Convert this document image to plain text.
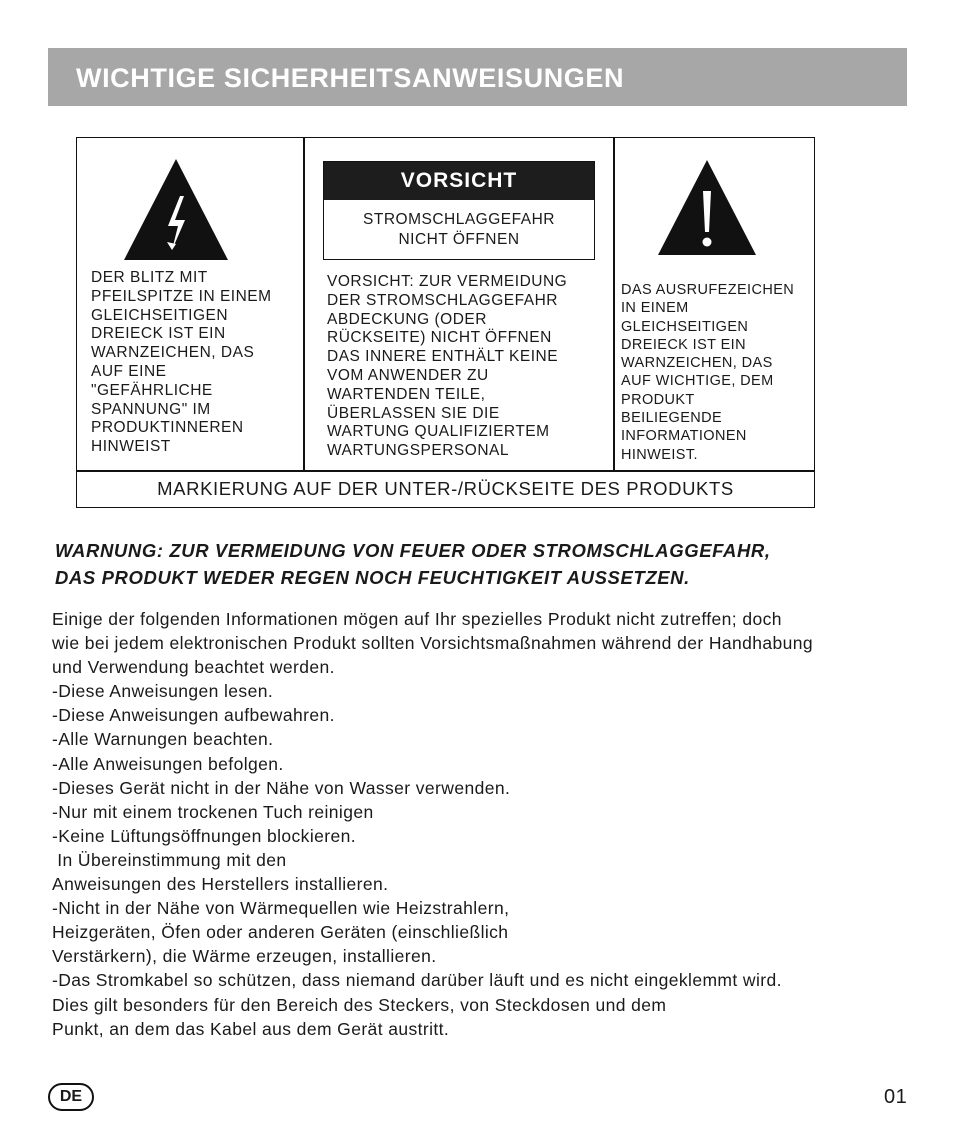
WICHTIGE SICHERHEITSANWEISUNGEN
DER BLITZ MIT
PFEILSPITZE IN EINEM
GLEICHSEITIGEN
DREIECK IST EIN
WARNZEICHEN, DAS
AUF EINE
"GEFÄHRLICHE
SPANNUNG" IM
PRODUKTINNEREN
HINWEIST
VORSICHT
STROMSCHLAGGEFAHR
NICHT ÖFFNEN
VORSICHT: ZUR VERMEIDUNG
DER STROMSCHLAGGEFAHR
ABDECKUNG (ODER
RÜCKSEITE) NICHT ÖFFNEN
DAS INNERE ENTHÄLT KEINE
VOM ANWENDER ZU
WARTENDEN TEILE,
ÜBERLASSEN SIE DIE
WARTUNG QUALIFIZIERTEM
WARTUNGSPERSONAL
DAS AUSRUFEZEICHEN
IN EINEM
GLEICHSEITIGEN
DREIECK IST EIN
WARNZEICHEN, DAS
AUF WICHTIGE, DEM
PRODUKT
BEILIEGENDE
INFORMATIONEN
HINWEIST.
MARKIERUNG AUF DER UNTER-/RÜCKSEITE DES PRODUKTS
WARNUNG: ZUR VERMEIDUNG VON FEUER ODER STROMSCHLAGGEFAHR,
DAS PRODUKT WEDER REGEN NOCH FEUCHTIGKEIT AUSSETZEN.
Einige der folgenden Informationen mögen auf Ihr spezielles Produkt nicht zutreffen; doch
wie bei jedem elektronischen Produkt sollten Vorsichtsmaßnahmen während der Handhabung
und Verwendung beachtet werden.
-Diese Anweisungen lesen.
-Diese Anweisungen aufbewahren.
-Alle Warnungen beachten.
-Alle Anweisungen befolgen.
-Dieses Gerät nicht in der Nähe von Wasser verwenden.
-Nur mit einem trockenen Tuch reinigen
-Keine Lüftungsöffnungen blockieren.
In Übereinstimmung mit den
Anweisungen des Herstellers installieren.
-Nicht in der Nähe von Wärmequellen wie Heizstrahlern,
Heizgeräten, Öfen oder anderen Geräten (einschließlich
Verstärkern), die Wärme erzeugen, installieren.
-Das Stromkabel so schützen, dass niemand darüber läuft und es nicht eingeklemmt wird.
Dies gilt besonders für den Bereich des Steckers, von Steckdosen und dem
Punkt, an dem das Kabel aus dem Gerät austritt.
DE	01
